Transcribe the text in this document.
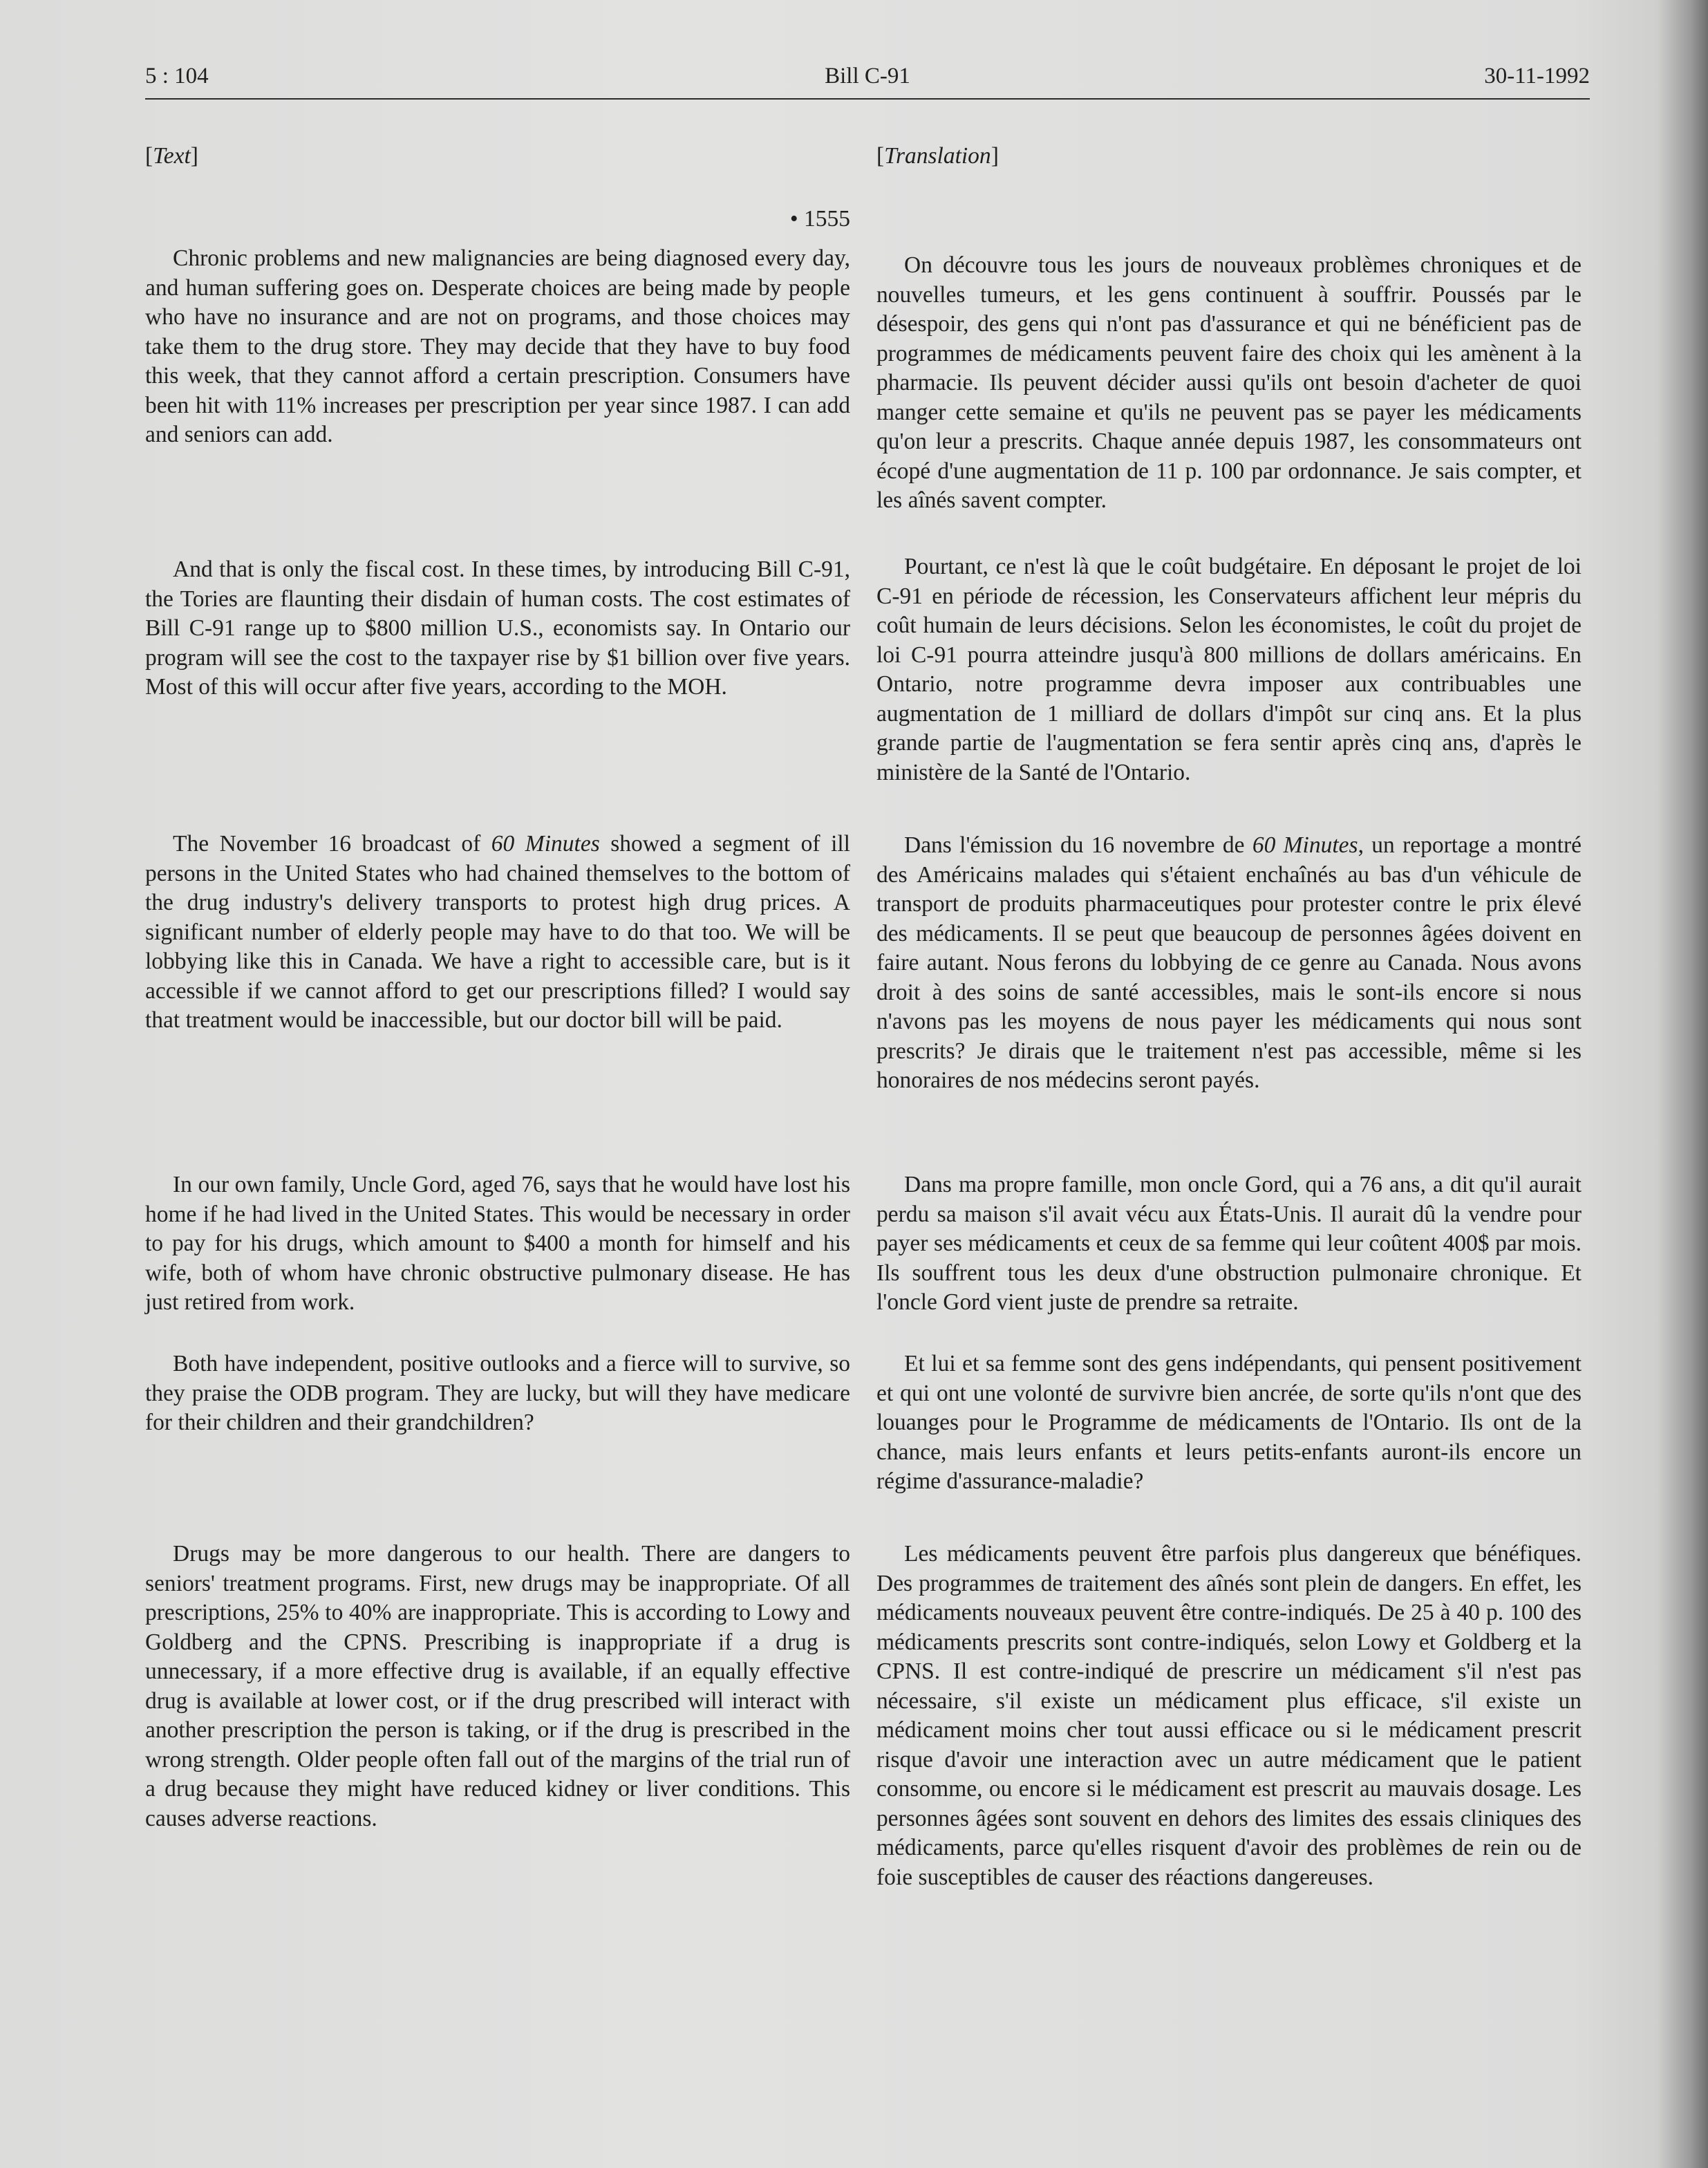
5 : 104	Bill C-91	30-11-1992
[Text]
• 1555

Chronic problems and new malignancies are being diagnosed every day, and human suffering goes on. Desperate choices are being made by people who have no insurance and are not on programs, and those choices may take them to the drug store. They may decide that they have to buy food this week, that they cannot afford a certain prescription. Consumers have been hit with 11% increases per prescription per year since 1987. I can add and seniors can add.

And that is only the fiscal cost. In these times, by introducing Bill C-91, the Tories are flaunting their disdain of human costs. The cost estimates of Bill C-91 range up to $800 million U.S., economists say. In Ontario our program will see the cost to the taxpayer rise by $1 billion over five years. Most of this will occur after five years, according to the MOH.

The November 16 broadcast of 60 Minutes showed a segment of ill persons in the United States who had chained themselves to the bottom of the drug industry's delivery transports to protest high drug prices. A significant number of elderly people may have to do that too. We will be lobbying like this in Canada. We have a right to accessible care, but is it accessible if we cannot afford to get our prescriptions filled? I would say that treatment would be inaccessible, but our doctor bill will be paid.

In our own family, Uncle Gord, aged 76, says that he would have lost his home if he had lived in the United States. This would be necessary in order to pay for his drugs, which amount to $400 a month for himself and his wife, both of whom have chronic obstructive pulmonary disease. He has just retired from work.

Both have independent, positive outlooks and a fierce will to survive, so they praise the ODB program. They are lucky, but will they have medicare for their children and their grandchildren?

Drugs may be more dangerous to our health. There are dangers to seniors' treatment programs. First, new drugs may be inappropriate. Of all prescriptions, 25% to 40% are inappropriate. This is according to Lowy and Goldberg and the CPNS. Prescribing is inappropriate if a drug is unnecessary, if a more effective drug is available, if an equally effective drug is available at lower cost, or if the drug prescribed will interact with another prescription the person is taking, or if the drug is prescribed in the wrong strength. Older people often fall out of the margins of the trial run of a drug because they might have reduced kidney or liver conditions. This causes adverse reactions.

[Translation]

On découvre tous les jours de nouveaux problèmes chroniques et de nouvelles tumeurs, et les gens continuent à souffrir. Poussés par le désespoir, des gens qui n'ont pas d'assurance et qui ne bénéficient pas de programmes de médicaments peuvent faire des choix qui les amènent à la pharmacie. Ils peuvent décider aussi qu'ils ont besoin d'acheter de quoi manger cette semaine et qu'ils ne peuvent pas se payer les médicaments qu'on leur a prescrits. Chaque année depuis 1987, les consommateurs ont écopé d'une augmentation de 11 p. 100 par ordonnance. Je sais compter, et les aînés savent compter.

Pourtant, ce n'est là que le coût budgétaire. En déposant le projet de loi C-91 en période de récession, les Conservateurs affichent leur mépris du coût humain de leurs décisions. Selon les économistes, le coût du projet de loi C-91 pourra atteindre jusqu'à 800 millions de dollars américains. En Ontario, notre programme devra imposer aux contribuables une augmentation de 1 milliard de dollars d'impôt sur cinq ans. Et la plus grande partie de l'augmentation se fera sentir après cinq ans, d'après le ministère de la Santé de l'Ontario.

Dans l'émission du 16 novembre de 60 Minutes, un reportage a montré des Américains malades qui s'étaient enchaînés au bas d'un véhicule de transport de produits pharmaceutiques pour protester contre le prix élevé des médicaments. Il se peut que beaucoup de personnes âgées doivent en faire autant. Nous ferons du lobbying de ce genre au Canada. Nous avons droit à des soins de santé accessibles, mais le sont-ils encore si nous n'avons pas les moyens de nous payer les médicaments qui nous sont prescrits? Je dirais que le traitement n'est pas accessible, même si les honoraires de nos médecins seront payés.

Dans ma propre famille, mon oncle Gord, qui a 76 ans, a dit qu'il aurait perdu sa maison s'il avait vécu aux États-Unis. Il aurait dû la vendre pour payer ses médicaments et ceux de sa femme qui leur coûtent 400$ par mois. Ils souffrent tous les deux d'une obstruction pulmonaire chronique. Et l'oncle Gord vient juste de prendre sa retraite.

Et lui et sa femme sont des gens indépendants, qui pensent positivement et qui ont une volonté de survivre bien ancrée, de sorte qu'ils n'ont que des louanges pour le Programme de médicaments de l'Ontario. Ils ont de la chance, mais leurs enfants et leurs petits-enfants auront-ils encore un régime d'assurance-maladie?

Les médicaments peuvent être parfois plus dangereux que bénéfiques. Des programmes de traitement des aînés sont plein de dangers. En effet, les médicaments nouveaux peuvent être contre-indiqués. De 25 à 40 p. 100 des médicaments prescrits sont contre-indiqués, selon Lowy et Goldberg et la CPNS. Il est contre-indiqué de prescrire un médicament s'il n'est pas nécessaire, s'il existe un médicament plus efficace, s'il existe un médicament moins cher tout aussi efficace ou si le médicament prescrit risque d'avoir une interaction avec un autre médicament que le patient consomme, ou encore si le médicament est prescrit au mauvais dosage. Les personnes âgées sont souvent en dehors des limites des essais cliniques des médicaments, parce qu'elles risquent d'avoir des problèmes de rein ou de foie susceptibles de causer des réactions dangereuses.
